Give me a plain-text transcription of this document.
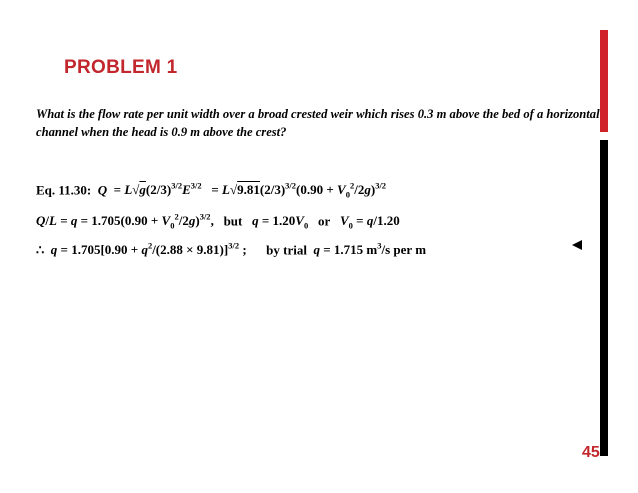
PROBLEM 1
What is the flow rate per unit width over a broad crested weir which rises 0.3 m above the bed of a horizontal channel when the head is 0.9 m above the crest?
Eq. 11.30: $Q = L√g(2/3)^{3/2}E^{3/2} = L√9.81(2/3)^{3/2}(0.90 + V_0^2/2g)^{3/2}$
$Q/L = q = 1.705(0.90 + V_0^2/2g)^{3/2}$, but $q = 1.20V_0$ or $V_0 = q/1.20$
∴ $q = 1.705[0.90 + q^2/(2.88 \times 9.81)]^{3/2}$ ; by trial q = 1.715 $m^3/s$ per m
45
